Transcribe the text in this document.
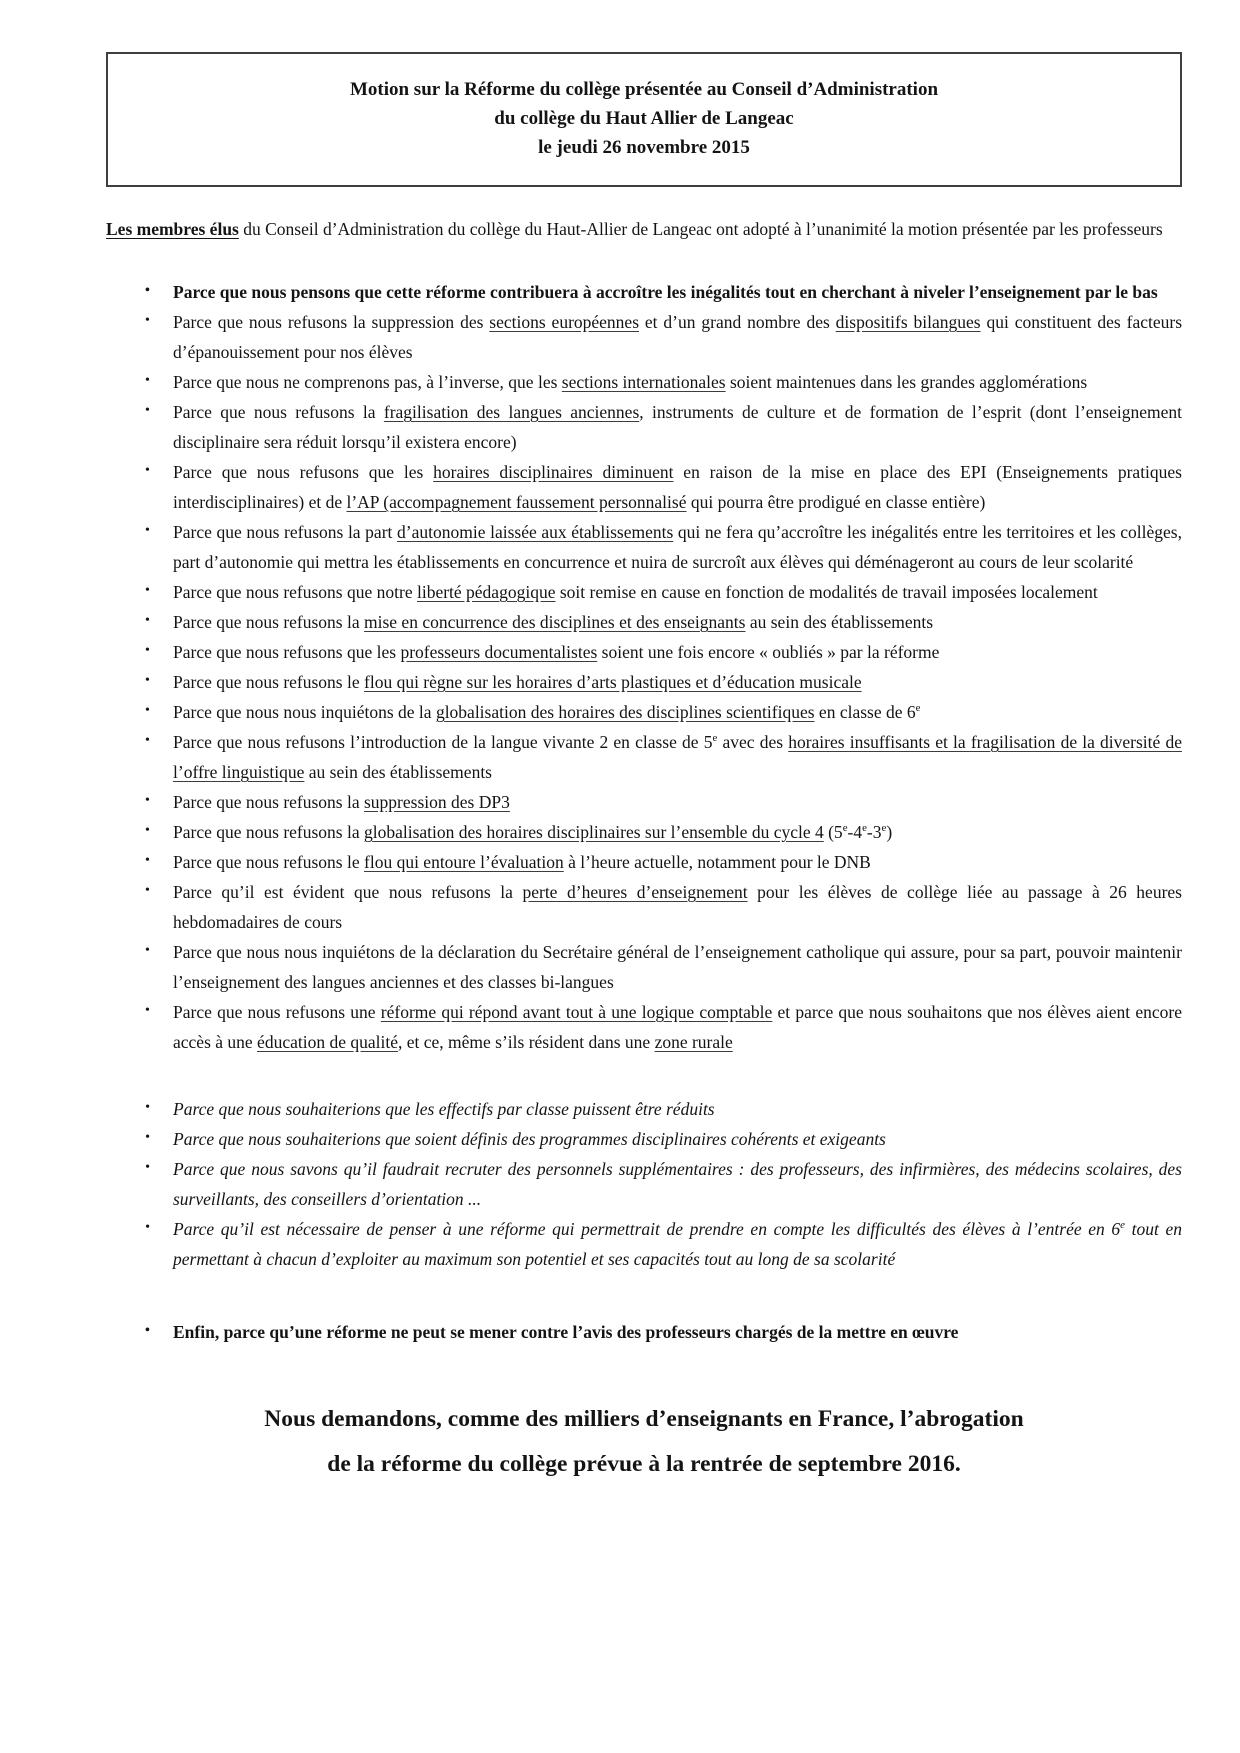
Motion sur la Réforme du collège présentée au Conseil d’Administration
du collège du Haut Allier de Langeac
le jeudi 26 novembre 2015

Les membres élus du Conseil d’Administration du collège du Haut-Allier de Langeac ont adopté à l’unanimité la motion présentée par les professeurs

• Parce que nous pensons que cette réforme contribuera à accroître les inégalités tout en cherchant à niveler l’enseignement par le bas
• Parce que nous refusons la suppression des sections européennes et d’un grand nombre des dispositifs bilangues qui constituent des facteurs d’épanouissement pour nos élèves
• Parce que nous ne comprenons pas, à l’inverse, que les sections internationales soient maintenues dans les grandes agglomérations
• Parce que nous refusons la fragilisation des langues anciennes, instruments de culture et de formation de l’esprit (dont l’enseignement disciplinaire sera réduit lorsqu’il existera encore)
• Parce que nous refusons que les horaires disciplinaires diminuent en raison de la mise en place des EPI (Enseignements pratiques interdisciplinaires) et de l’AP (accompagnement faussement personnalisé qui pourra être prodigué en classe entière)
• Parce que nous refusons la part d’autonomie laissée aux établissements qui ne fera qu’accroître les inégalités entre les territoires et les collèges, part d’autonomie qui mettra les établissements en concurrence et nuira de surcroît aux élèves qui déménageront au cours de leur scolarité
• Parce que nous refusons que notre liberté pédagogique soit remise en cause en fonction de modalités de travail imposées localement
• Parce que nous refusons la mise en concurrence des disciplines et des enseignants au sein des établissements
• Parce que nous refusons que les professeurs documentalistes soient une fois encore « oubliés » par la réforme
• Parce que nous refusons le flou qui règne sur les horaires d’arts plastiques et d’éducation musicale
• Parce que nous nous inquiétons de la globalisation des horaires des disciplines scientifiques en classe de 6e
• Parce que nous refusons l’introduction de la langue vivante 2 en classe de 5e avec des horaires insuffisants et la fragilisation de la diversité de l’offre linguistique au sein des établissements
• Parce que nous refusons la suppression des DP3
• Parce que nous refusons la globalisation des horaires disciplinaires sur l’ensemble du cycle 4 (5e-4e-3e)
• Parce que nous refusons le flou qui entoure l’évaluation à l’heure actuelle, notamment pour le DNB
• Parce qu’il est évident que nous refusons la perte d’heures d’enseignement pour les élèves de collège liée au passage à 26 heures hebdomadaires de cours
• Parce que nous nous inquiétons de la déclaration du Secrétaire général de l’enseignement catholique qui assure, pour sa part, pouvoir maintenir l’enseignement des langues anciennes et des classes bi-langues
• Parce que nous refusons une réforme qui répond avant tout à une logique comptable et parce que nous souhaitons que nos élèves aient encore accès à une éducation de qualité, et ce, même s’ils résident dans une zone rurale
• Parce que nous souhaiterions que les effectifs par classe puissent être réduits
• Parce que nous souhaiterions que soient définis des programmes disciplinaires cohérents et exigeants
• Parce que nous savons qu’il faudrait recruter des personnels supplémentaires : des professeurs, des infirmières, des médecins scolaires, des surveillants, des conseillers d’orientation ...
• Parce qu’il est nécessaire de penser à une réforme qui permettrait de prendre en compte les difficultés des élèves à l’entrée en 6e tout en permettant à chacun d’exploiter au maximum son potentiel et ses capacités tout au long de sa scolarité
• Enfin, parce qu’une réforme ne peut se mener contre l’avis des professeurs chargés de la mettre en œuvre
Nous demandons, comme des milliers d’enseignants en France, l’abrogation
de la réforme du collège prévue à la rentrée de septembre 2016.
